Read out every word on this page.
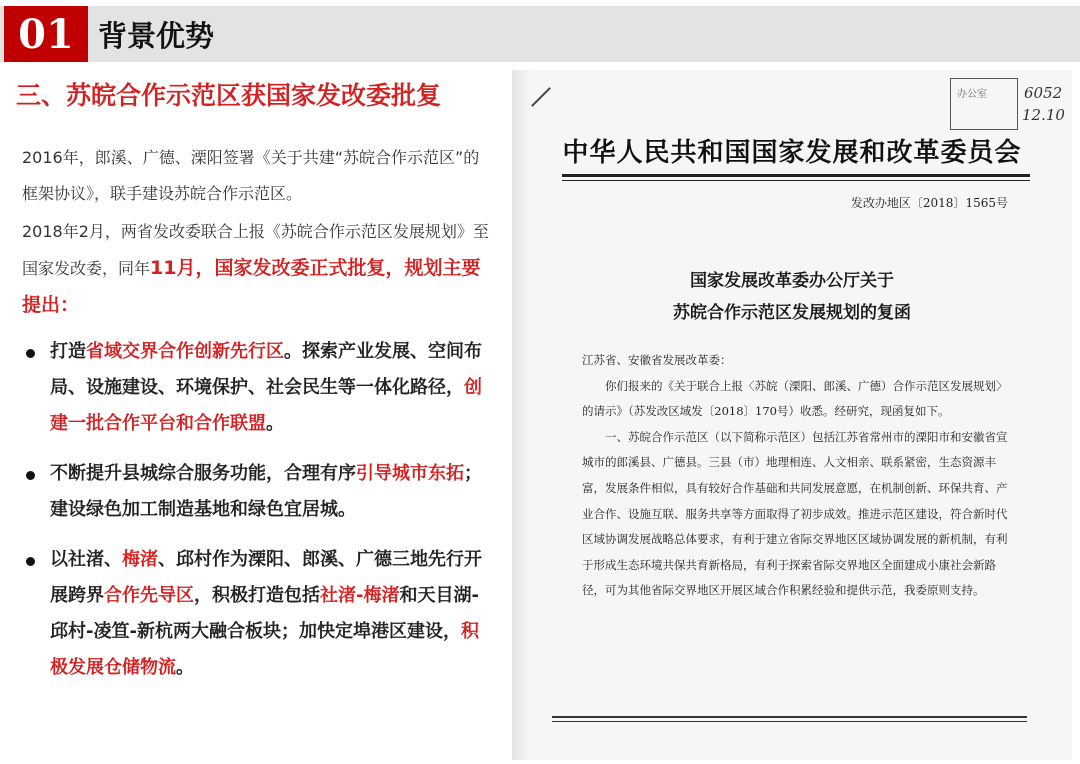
01 背景优势
三、苏皖合作示范区获国家发改委批复

2016年，郎溪、广德、溧阳签署《关于共建“苏皖合作示范区”的框架协议》，联手建设苏皖合作示范区。

2018年2月，两省发改委联合上报《苏皖合作示范区发展规划》至国家发改委，同年11月，国家发改委正式批复，规划主要提出：

打造省域交界合作创新先行区。探索产业发展、空间布局、设施建设、环境保护、社会民生等一体化路径，创建一批合作平台和合作联盟。
不断提升县城综合服务功能，合理有序引导城市东拓；建设绿色加工制造基地和绿色宜居城。
以社渚、梅渚、邱村作为溧阳、郎溪、广德三地先行开展跨界合作先导区，积极打造包括社渚-梅渚和天目湖-邱村-凌笪-新杭两大融合板块；加快定埠港区建设，积极发展仓储物流。
办公室 6052
12.10
中华人民共和国国家发展和改革委员会
发改办地区〔2018〕1565号
国家发展改革委办公厅关于
苏皖合作示范区发展规划的复函

江苏省、安徽省发展改革委：

你们报来的《关于联合上报〈苏皖（溧阳、郎溪、广德）合作示范区发展规划〉的请示》（苏发改区域发〔2018〕170号）收悉。经研究，现函复如下。

一、苏皖合作示范区（以下简称示范区）包括江苏省常州市的溧阳市和安徽省宣城市的郎溪县、广德县。三县（市）地理相连、人文相亲、联系紧密，生态资源丰富，发展条件相似，具有较好合作基础和共同发展意愿，在机制创新、环保共育、产业合作、设施互联、服务共享等方面取得了初步成效。推进示范区建设，符合新时代区域协调发展战略总体要求，有利于建立省际交界地区区域协调发展的新机制，有利于形成生态环境共保共育新格局，有利于探索省际交界地区全面建成小康社会新路径，可为其他省际交界地区开展区域合作积累经验和提供示范，我委原则支持。
